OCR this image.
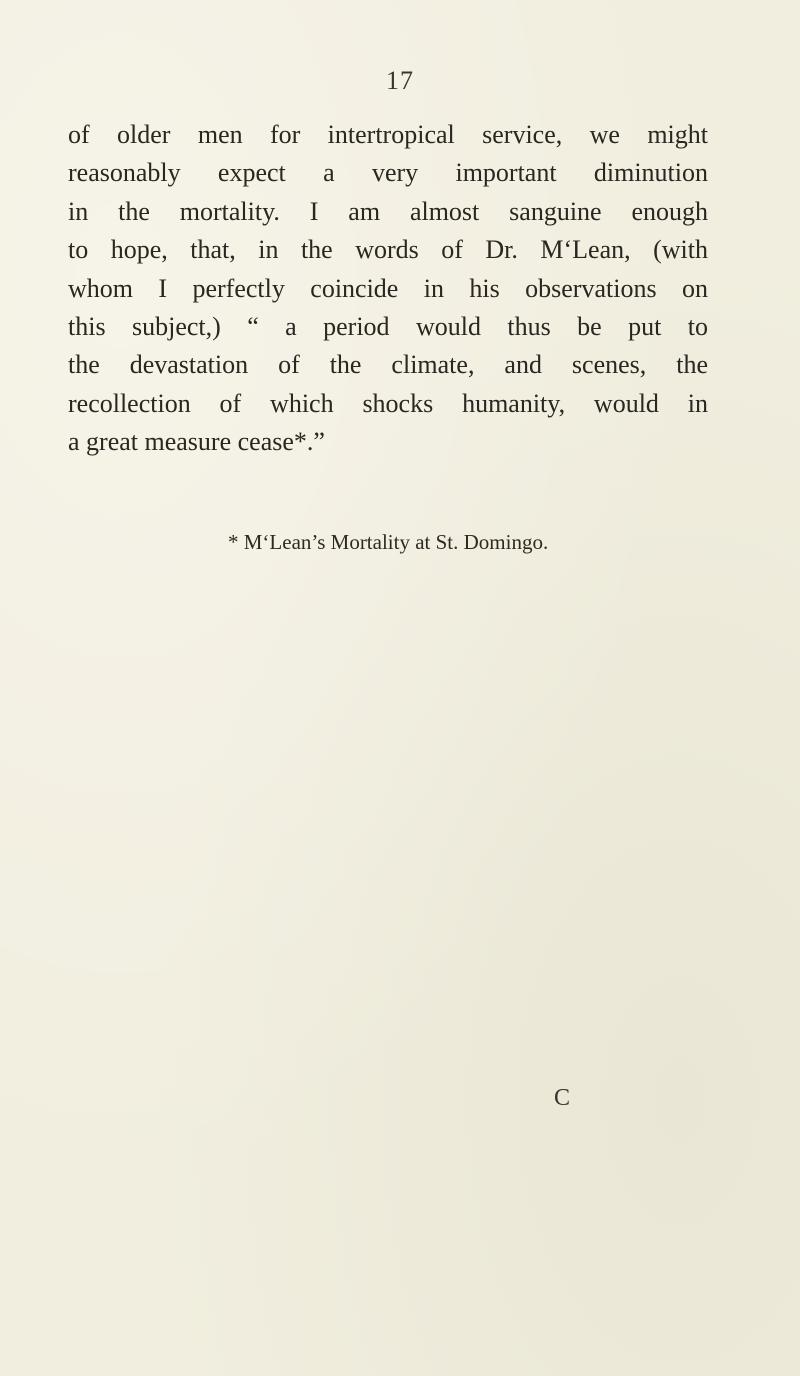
17
of older men for intertropical service, we might
reasonably expect a very important diminution
in the mortality. I am almost sanguine enough
to hope, that, in the words of Dr. M‘Lean, (with
whom I perfectly coincide in his observations on
this subject,) “ a period would thus be put to
the devastation of the climate, and scenes, the
recollection of which shocks humanity, would in
a great measure cease*.”
* M‘Lean’s Mortality at St. Domingo.
C
